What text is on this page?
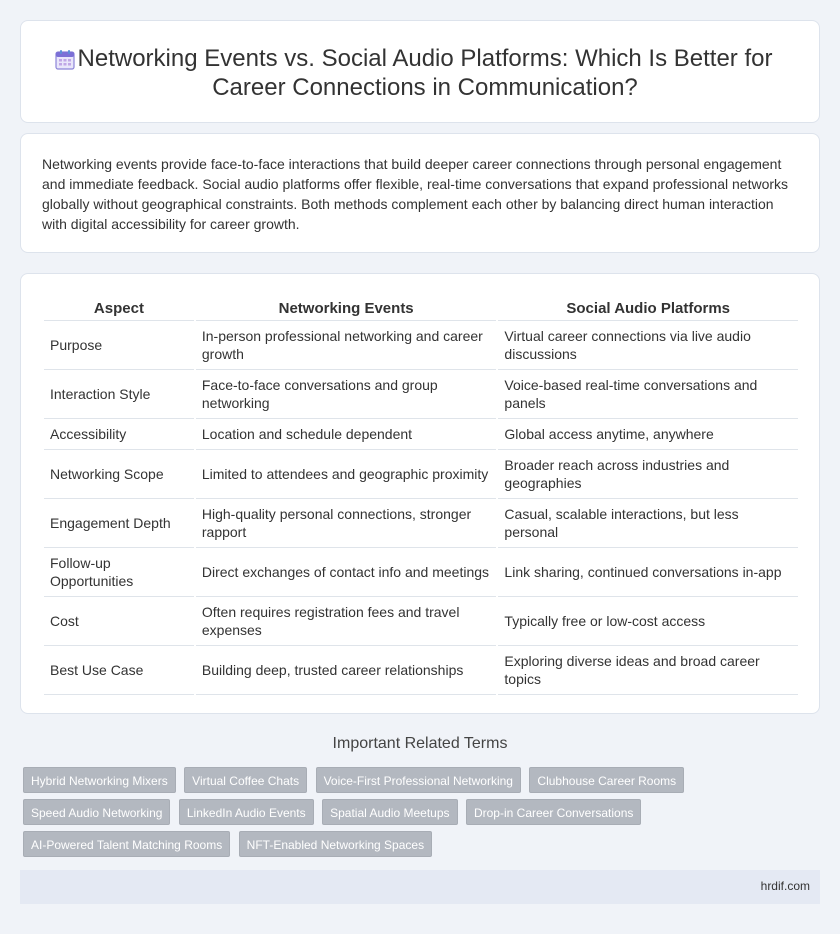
Networking Events vs. Social Audio Platforms: Which Is Better for Career Connections in Communication?

Networking events provide face-to-face interactions that build deeper career connections through personal engagement and immediate feedback. Social audio platforms offer flexible, real-time conversations that expand professional networks globally without geographical constraints. Both methods complement each other by balancing direct human interaction with digital accessibility for career growth.

Aspect	Networking Events	Social Audio Platforms
Purpose	In-person professional networking and career growth	Virtual career connections via live audio discussions
Interaction Style	Face-to-face conversations and group networking	Voice-based real-time conversations and panels
Accessibility	Location and schedule dependent	Global access anytime, anywhere
Networking Scope	Limited to attendees and geographic proximity	Broader reach across industries and geographies
Engagement Depth	High-quality personal connections, stronger rapport	Casual, scalable interactions, but less personal
Follow-up Opportunities	Direct exchanges of contact info and meetings	Link sharing, continued conversations in-app
Cost	Often requires registration fees and travel expenses	Typically free or low-cost access
Best Use Case	Building deep, trusted career relationships	Exploring diverse ideas and broad career topics
Important Related Terms
Hybrid Networking Mixers Virtual Coffee Chats Voice-First Professional Networking Clubhouse Career Rooms
Speed Audio Networking LinkedIn Audio Events Spatial Audio Meetups Drop-in Career Conversations
AI-Powered Talent Matching Rooms NFT-Enabled Networking Spaces
hrdif.com
